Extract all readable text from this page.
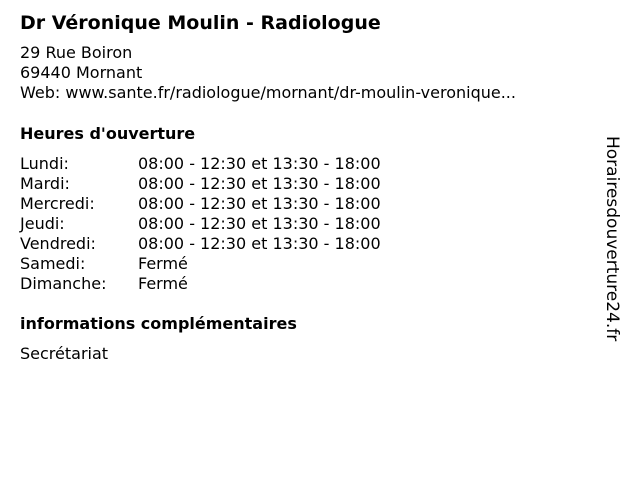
Dr Véronique Moulin - Radiologue
29 Rue Boiron
69440 Mornant
Web: www.sante.fr/radiologue/mornant/dr-moulin-veronique...
Heures d'ouverture
Lundi:	08:00 - 12:30 et 13:30 - 18:00
Mardi:	08:00 - 12:30 et 13:30 - 18:00
Mercredi:	08:00 - 12:30 et 13:30 - 18:00
Jeudi:	08:00 - 12:30 et 13:30 - 18:00
Vendredi:	08:00 - 12:30 et 13:30 - 18:00
Samedi:	Fermé
Dimanche:	Fermé
informations complémentaires
Secrétariat
Horairesdouverture24.fr
